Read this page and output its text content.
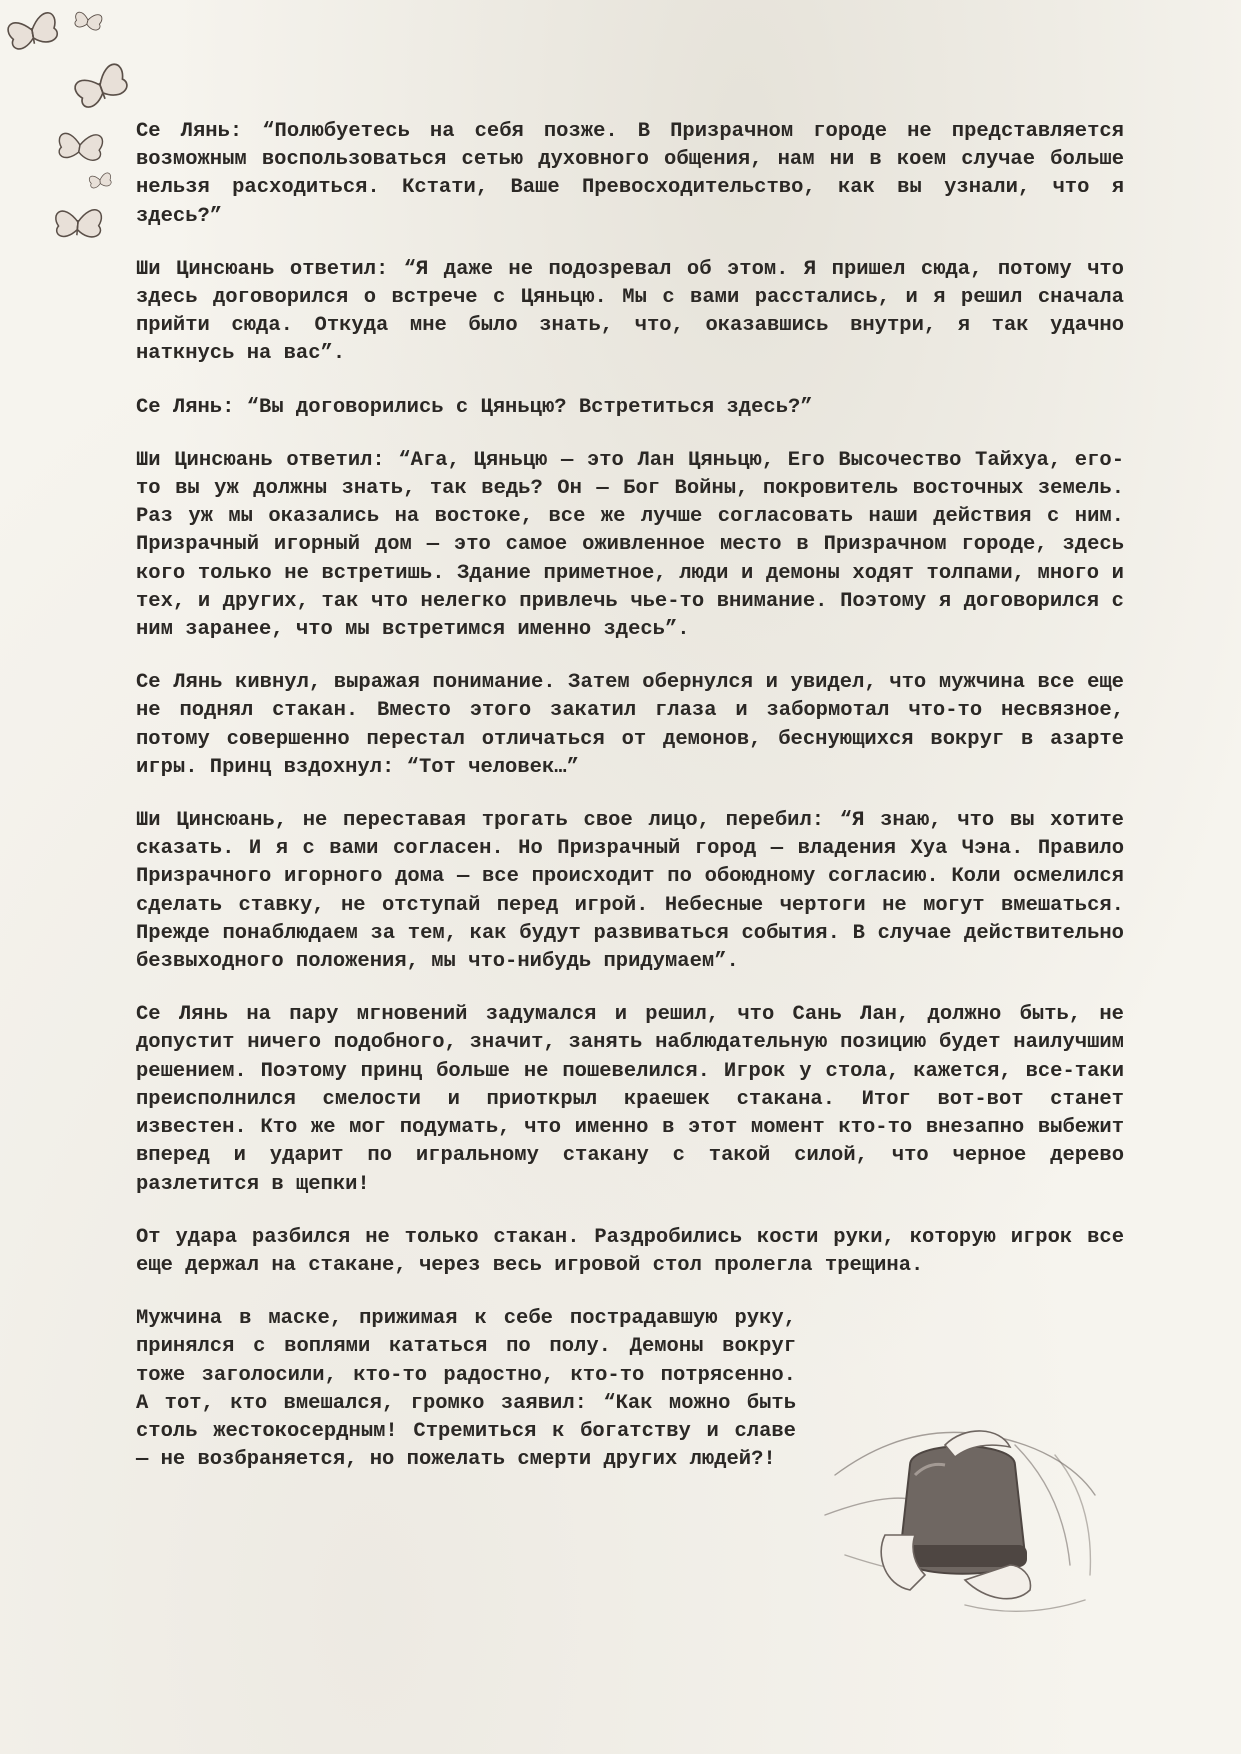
Се Лянь: “Полюбуетесь на себя позже. В Призрачном городе не представляется возможным воспользоваться сетью духовного общения, нам ни в коем случае больше нельзя расходиться. Кстати, Ваше Превосходительство, как вы узнали, что я здесь?”

Ши Цинсюань ответил: “Я даже не подозревал об этом. Я пришел сюда, потому что здесь договорился о встрече с Цяньцю. Мы с вами расстались, и я решил сначала прийти сюда. Откуда мне было знать, что, оказавшись внутри, я так удачно наткнусь на вас”.

Се Лянь: “Вы договорились с Цяньцю? Встретиться здесь?”

Ши Цинсюань ответил: “Ага, Цяньцю — это Лан Цяньцю, Его Высочество Тайхуа, его-то вы уж должны знать, так ведь? Он — Бог Войны, покровитель восточных земель. Раз уж мы оказались на востоке, все же лучше согласовать наши действия с ним. Призрачный игорный дом — это самое оживленное место в Призрачном городе, здесь кого только не встретишь. Здание приметное, люди и демоны ходят толпами, много и тех, и других, так что нелегко привлечь чье-то внимание. Поэтому я договорился с ним заранее, что мы встретимся именно здесь”.

Се Лянь кивнул, выражая понимание. Затем обернулся и увидел, что мужчина все еще не поднял стакан. Вместо этого закатил глаза и забормотал что-то несвязное, потому совершенно перестал отличаться от демонов, беснующихся вокруг в азарте игры. Принц вздохнул: “Тот человек…”

Ши Цинсюань, не переставая трогать свое лицо, перебил: “Я знаю, что вы хотите сказать. И я с вами согласен. Но Призрачный город — владения Хуа Чэна. Правило Призрачного игорного дома — все происходит по обоюдному согласию. Коли осмелился сделать ставку, не отступай перед игрой. Небесные чертоги не могут вмешаться. Прежде понаблюдаем за тем, как будут развиваться события. В случае действительно безвыходного положения, мы что-нибудь придумаем”.

Се Лянь на пару мгновений задумался и решил, что Сань Лан, должно быть, не допустит ничего подобного, значит, занять наблюдательную позицию будет наилучшим решением. Поэтому принц больше не пошевелился. Игрок у стола, кажется, все-таки преисполнился смелости и приоткрыл краешек стакана. Итог вот-вот станет известен. Кто же мог подумать, что именно в этот момент кто-то внезапно выбежит вперед и ударит по игральному стакану с такой силой, что черное дерево разлетится в щепки!

От удара разбился не только стакан. Раздробились кости руки, которую игрок все еще держал на стакане, через весь игровой стол пролегла трещина.

Мужчина в маске, прижимая к себе пострадавшую руку, принялся с воплями кататься по полу. Демоны вокруг тоже заголосили, кто-то радостно, кто-то потрясенно. А тот, кто вмешался, громко заявил: “Как можно быть столь жестокосердным! Стремиться к богатству и славе — не возбраняется, но пожелать смерти других людей?!
